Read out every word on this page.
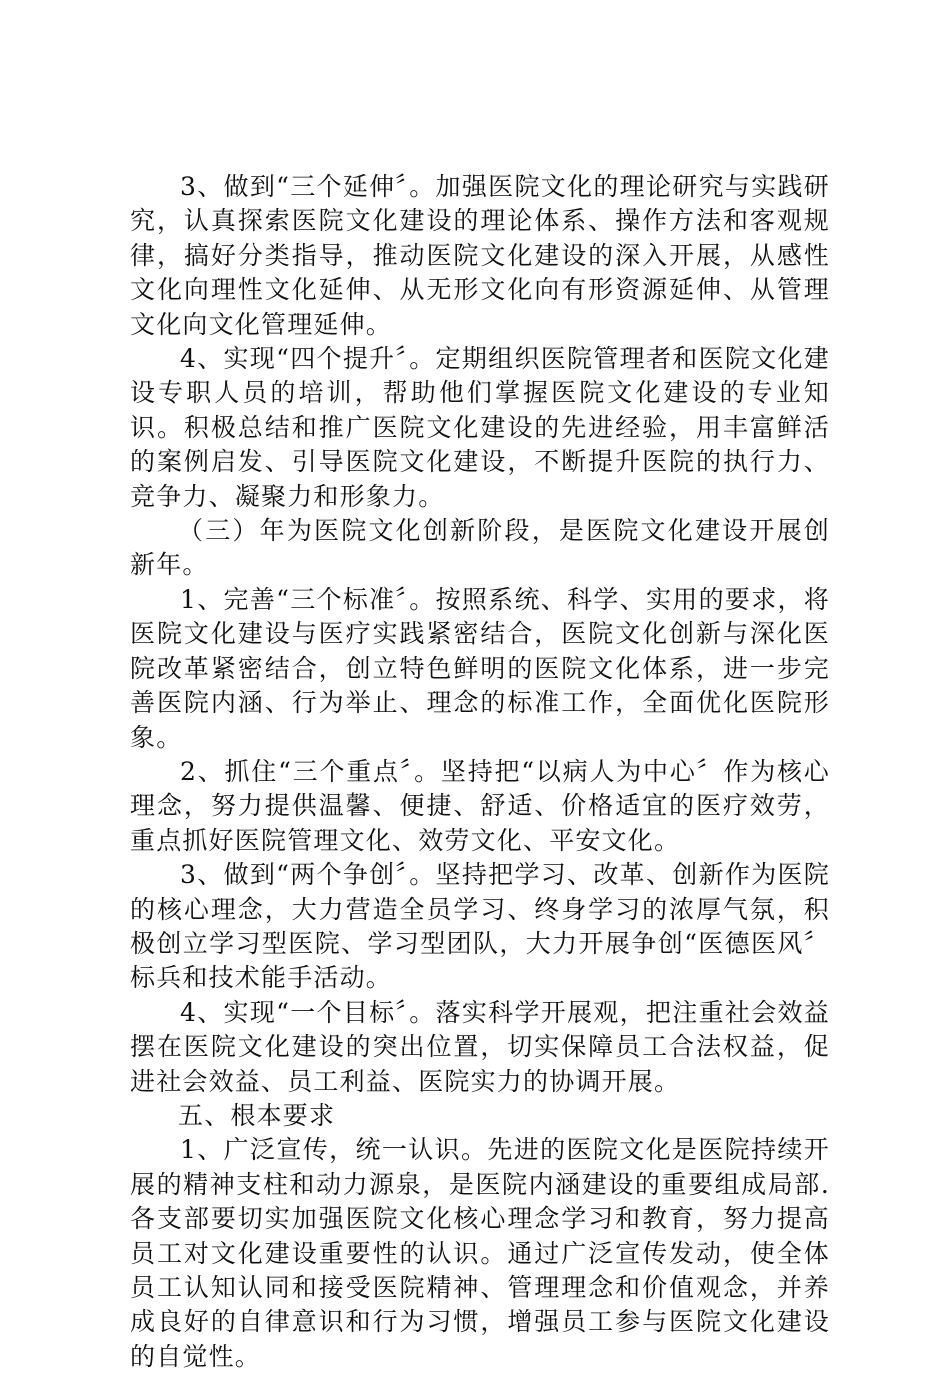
3、做到“三个延伸〞。加强医院文化的理论研究与实践研究，认真探索医院文化建设的理论体系、操作方法和客观规律，搞好分类指导，推动医院文化建设的深入开展，从感性文化向理性文化延伸、从无形文化向有形资源延伸、从管理文化向文化管理延伸。

4、实现“四个提升〞。定期组织医院管理者和医院文化建设专职人员的培训，帮助他们掌握医院文化建设的专业知识。积极总结和推广医院文化建设的先进经验，用丰富鲜活的案例启发、引导医院文化建设，不断提升医院的执行力、竞争力、凝聚力和形象力。

（三）年为医院文化创新阶段，是医院文化建设开展创新年。

1、完善“三个标准〞。按照系统、科学、实用的要求，将医院文化建设与医疗实践紧密结合，医院文化创新与深化医院改革紧密结合，创立特色鲜明的医院文化体系，进一步完善医院内涵、行为举止、理念的标准工作，全面优化医院形象。

2、抓住“三个重点〞。坚持把“以病人为中心〞作为核心理念，努力提供温馨、便捷、舒适、价格适宜的医疗效劳，重点抓好医院管理文化、效劳文化、平安文化。

3、做到“两个争创〞。坚持把学习、改革、创新作为医院的核心理念，大力营造全员学习、终身学习的浓厚气氛，积极创立学习型医院、学习型团队，大力开展争创“医德医风〞标兵和技术能手活动。

4、实现“一个目标〞。落实科学开展观，把注重社会效益摆在医院文化建设的突出位置，切实保障员工合法权益，促进社会效益、员工利益、医院实力的协调开展。

五、根本要求

1、广泛宣传，统一认识。先进的医院文化是医院持续开展的精神支柱和动力源泉，是医院内涵建设的重要组成局部.各支部要切实加强医院文化核心理念学习和教育，努力提高员工对文化建设重要性的认识。通过广泛宣传发动，使全体员工认知认同和接受医院精神、管理理念和价值观念，并养成良好的自律意识和行为习惯，增强员工参与医院文化建设的自觉性。
